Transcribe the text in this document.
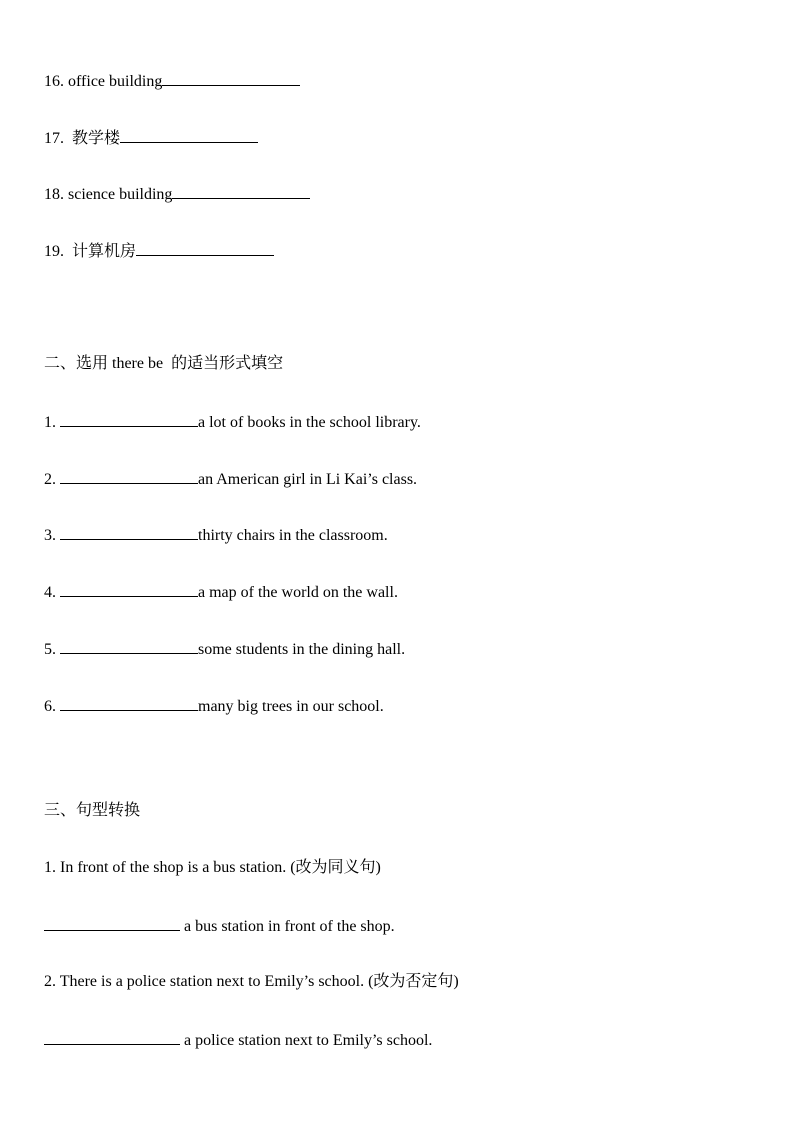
16. office building
17.  教学楼
18. science building
19.  计算机房
二、选用 there be  的适当形式填空
1.	a lot of books in the school library.
2.	an American girl in Li Kai’s class.
3.	thirty chairs in the classroom.
4.	a map of the world on the wall.
5.	some students in the dining hall.
6.	many big trees in our school.
三、句型转换
1. In front of the shop is a bus station. (改为同义句)
a bus station in front of the shop.
2. There is a police station next to Emily’s school. (改为否定句)
a police station next to Emily’s school.
